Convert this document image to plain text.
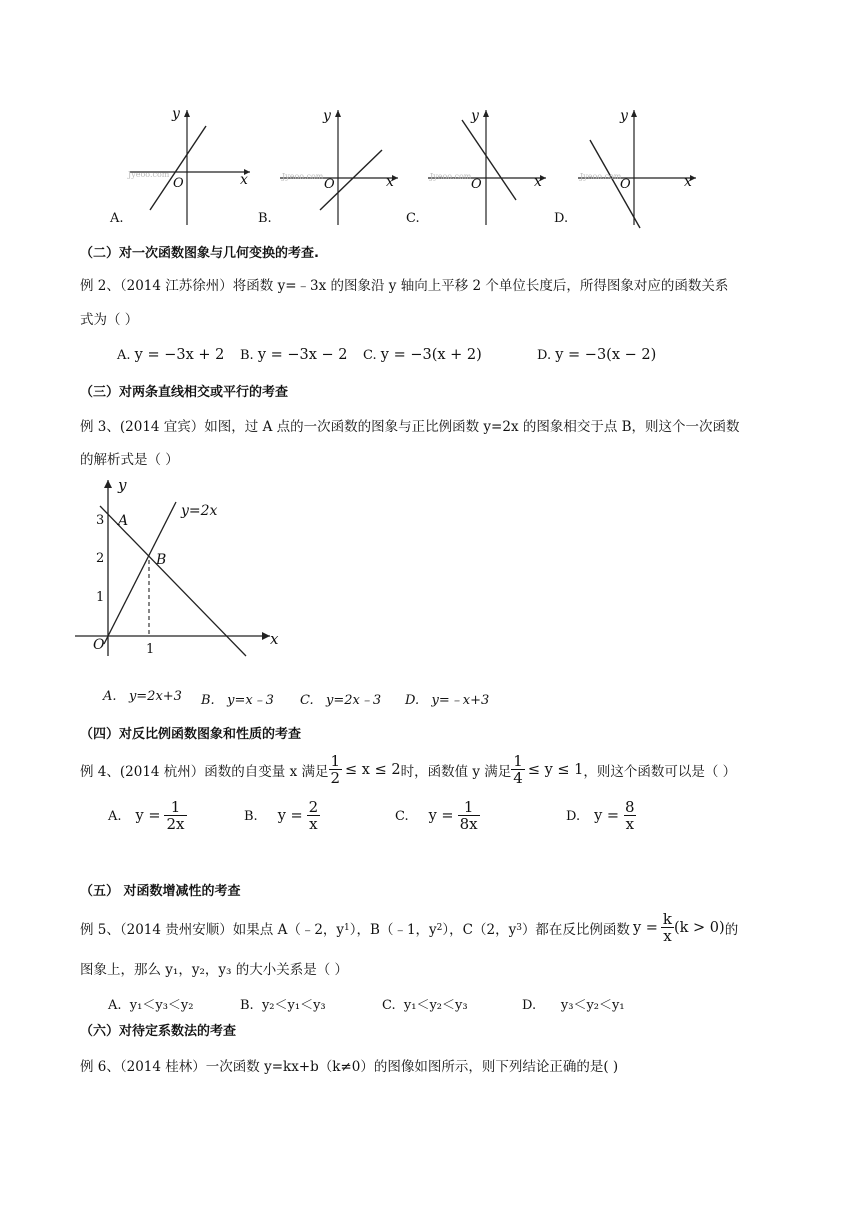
y
x
O
Jyeoo.com
y
x
O
Jyeoo.com
y
x
O
Jyeoo.com
y
x
O
Jyeoo.com
A.	B.	C.	D.
（二）对一次函数图象与几何变换的考查.
例 2、（2014 江苏徐州）将函数 y=﹣3x 的图象沿 y 轴向上平移 2 个单位长度后，所得图象对应的函数关系
式为（ ）
A. y = −3x + 2 B. y = −3x − 2 C. y = −3(x + 2)	D. y = −3(x − 2)
（三）对两条直线相交或平行的考查
例 3、(2014 宜宾）如图，过 A 点的一次函数的图象与正比例函数 y=2x 的图象相交于点 B，则这个一次函数
的解析式是（ ）
y
x
O
3
2
1
1
A
B
y=2x
A. y=2x+3 B. y=x﹣3 C. y=2x﹣3 D. y=﹣x+3
（四）对反比例函数图象和性质的考查
例 4、(2014 杭州）函数的自变量 x 满足 $\frac{1}{2} \le x \le 2$ 时，函数值 y 满足 $\frac{1}{4} \le y \le 1$ ，则这个函数可以是（ ）
A. $y = \frac{1}{2x}$	B. $y = \frac{2}{x}$	C. $y = \frac{1}{8x}$	D. $y = \frac{8}{x}$
（五） 对函数增减性的考查
例 5、（2014 贵州安顺）如果点 A（﹣2，y 1 ），B（﹣1，y 2 ），C（2，y 3 ）都在反比例函数 $y = \frac{k}{x} (k > 0)$ 的
图象上，那么 y₁，y₂，y₃ 的大小关系是（ ）
A. y₁＜y₃＜y₂	B. y₂＜y₁＜y₃	C. y₁＜y₂＜y₃	D. y₃＜y₂＜y₁
（六）对待定系数法的考查
例 6、（2014 桂林）一次函数 y=kx+b（k≠0）的图像如图所示，则下列结论正确的是( )
